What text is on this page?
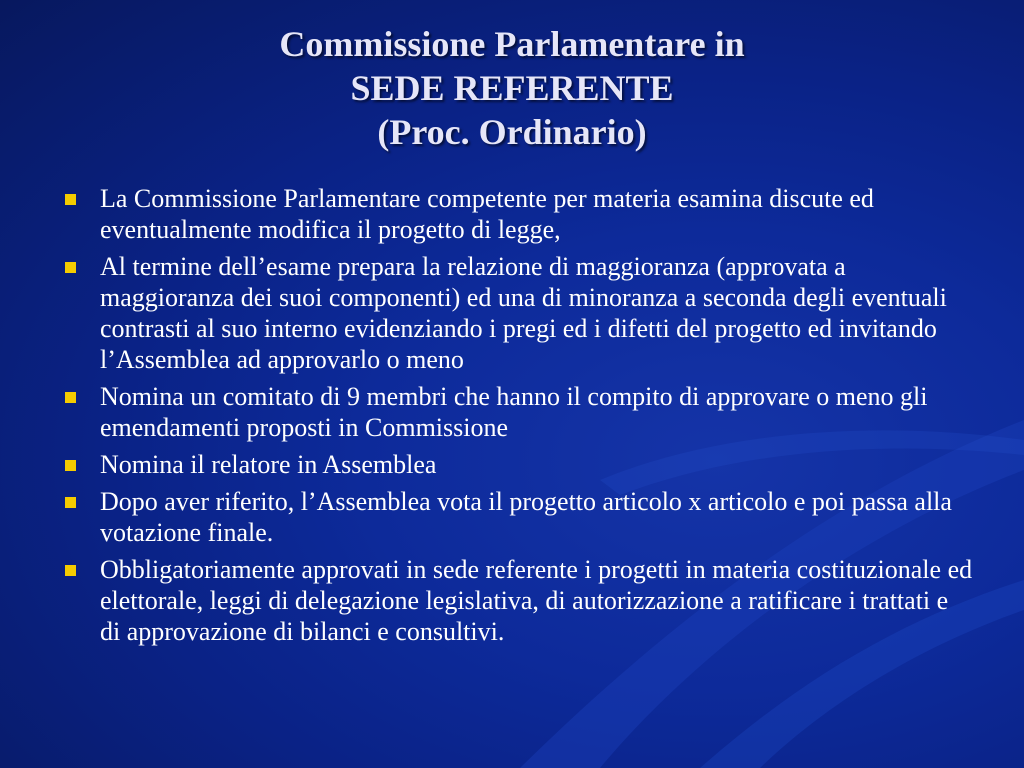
Commissione Parlamentare in
SEDE REFERENTE
(Proc. Ordinario)
La Commissione Parlamentare competente per materia esamina discute ed eventualmente modifica il progetto di legge,
Al termine dell’esame prepara la relazione di maggioranza (approvata a maggioranza dei suoi componenti) ed una di minoranza a seconda degli eventuali contrasti al suo interno evidenziando i pregi ed i difetti del progetto ed invitando l’Assemblea ad approvarlo o meno
Nomina un comitato di 9 membri che hanno il compito di approvare o meno gli emendamenti proposti in Commissione
Nomina il relatore in Assemblea
Dopo aver riferito, l’Assemblea vota il progetto articolo x articolo e poi passa alla votazione finale.
Obbligatoriamente approvati in sede referente i progetti in materia costituzionale ed elettorale, leggi di delegazione legislativa, di autorizzazione a ratificare i trattati e di approvazione di bilanci e consultivi.
